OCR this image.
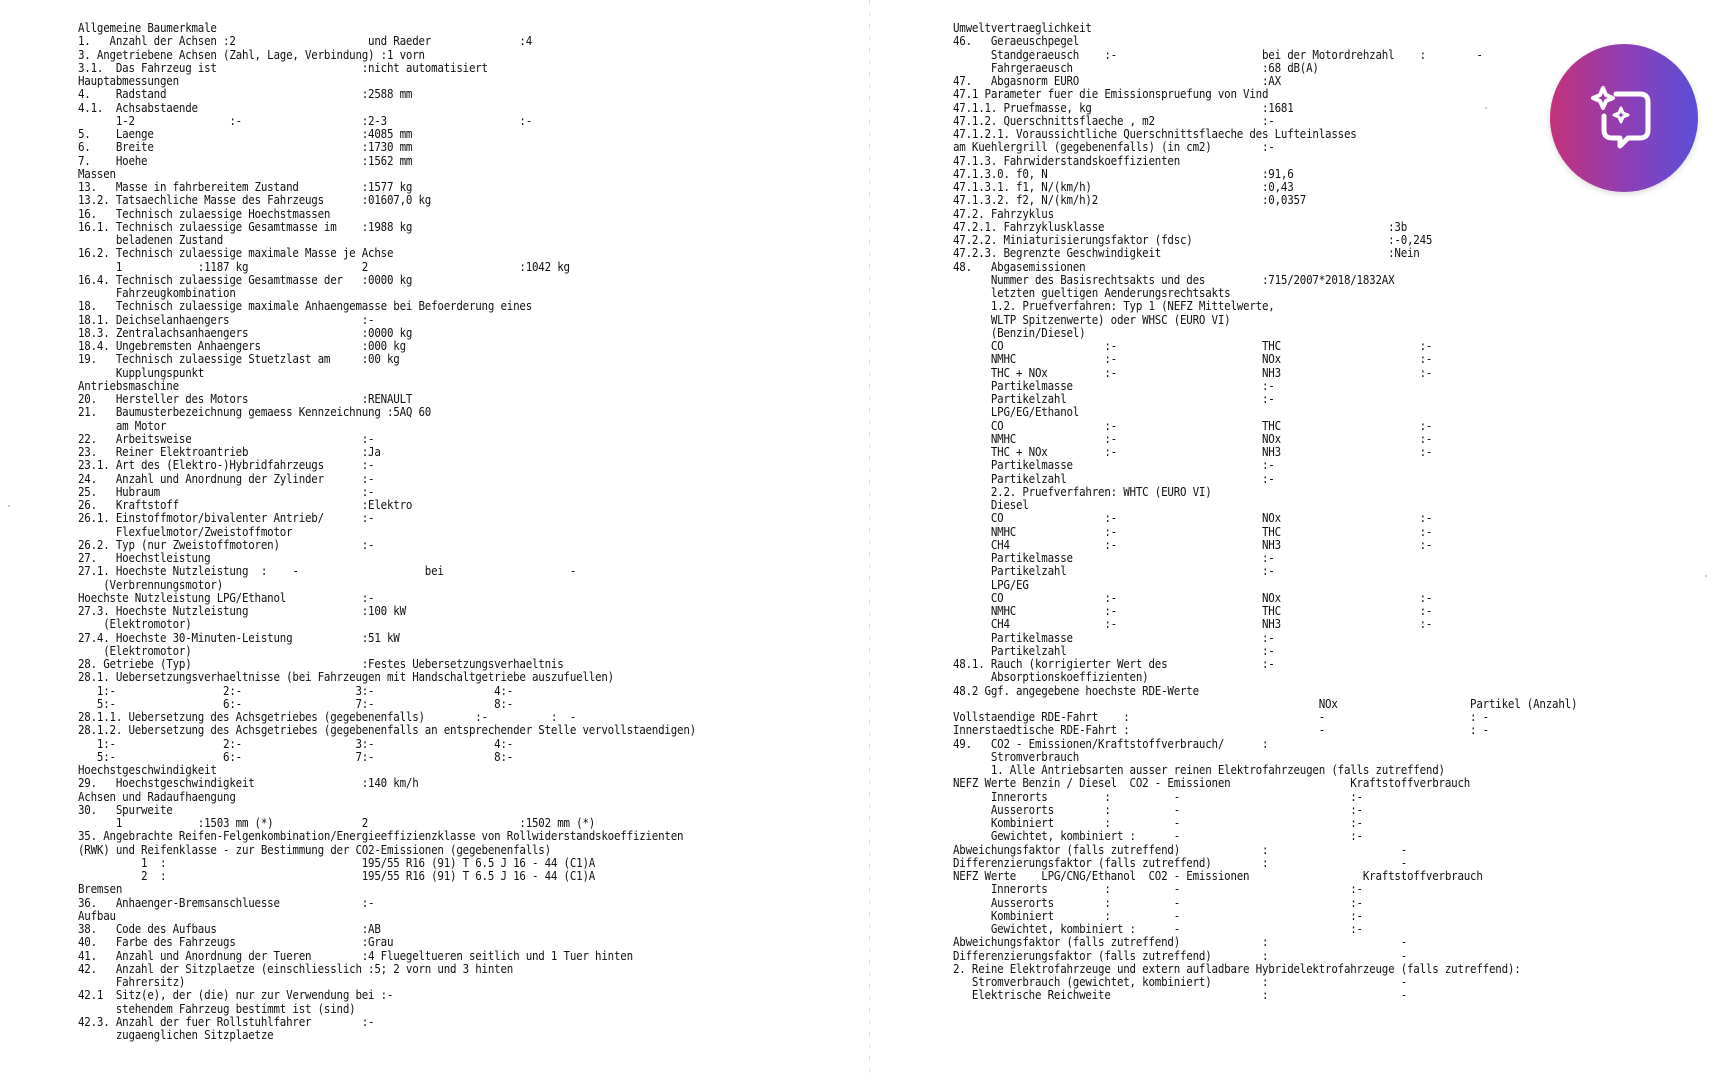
Allgemeine Baumerkmale
1.   Anzahl der Achsen :2                     und Raeder              :4
3. Angetriebene Achsen (Zahl, Lage, Verbindung) :1 vorn
3.1.  Das Fahrzeug ist                       :nicht automatisiert
Hauptabmessungen
4.    Radstand                               :2588 mm
4.1.  Achsabstaende
1-2               :-                   :2-3                     :-
5.    Laenge                                 :4085 mm
6.    Breite                                 :1730 mm
7.    Hoehe                                  :1562 mm
Massen
13.   Masse in fahrbereitem Zustand          :1577 kg
13.2. Tatsaechliche Masse des Fahrzeugs      :01607,0 kg
16.   Technisch zulaessige Hoechstmassen
16.1. Technisch zulaessige Gesamtmasse im    :1988 kg
beladenen Zustand
16.2. Technisch zulaessige maximale Masse je Achse
1            :1187 kg                  2                        :1042 kg
16.4. Technisch zulaessige Gesamtmasse der   :0000 kg
Fahrzeugkombination
18.   Technisch zulaessige maximale Anhaengemasse bei Befoerderung eines
18.1. Deichselanhaengers                     :-
18.3. Zentralachsanhaengers                  :0000 kg
18.4. Ungebremsten Anhaengers                :000 kg
19.   Technisch zulaessige Stuetzlast am     :00 kg
Kupplungspunkt
Antriebsmaschine
20.   Hersteller des Motors                  :RENAULT
21.   Baumusterbezeichnung gemaess Kennzeichnung :5AQ 60
am Motor
22.   Arbeitsweise                           :-
23.   Reiner Elektroantrieb                  :Ja
23.1. Art des (Elektro-)Hybridfahrzeugs      :-
24.   Anzahl und Anordnung der Zylinder      :-
25.   Hubraum                                :-
26.   Kraftstoff                             :Elektro
26.1. Einstoffmotor/bivalenter Antrieb/      :-
Flexfuelmotor/Zweistoffmotor
26.2. Typ (nur Zweistoffmotoren)             :-
27.   Hoechstleistung
27.1. Hoechste Nutzleistung  :    -                    bei                    -
(Verbrennungsmotor)
Hoechste Nutzleistung LPG/Ethanol            :-
27.3. Hoechste Nutzleistung                  :100 kW
(Elektromotor)
27.4. Hoechste 30-Minuten-Leistung           :51 kW
(Elektromotor)
28. Getriebe (Typ)                           :Festes Uebersetzungsverhaeltnis
28.1. Uebersetzungsverhaeltnisse (bei Fahrzeugen mit Handschaltgetriebe auszufuellen)
1:-                 2:-                  3:-                   4:-
5:-                 6:-                  7:-                   8:-
28.1.1. Uebersetzung des Achsgetriebes (gegebenenfalls)        :-          :  -
28.1.2. Uebersetzung des Achsgetriebes (gegebenenfalls an entsprechender Stelle vervollstaendigen)
1:-                 2:-                  3:-                   4:-
5:-                 6:-                  7:-                   8:-
Hoechstgeschwindigkeit
29.   Hoechstgeschwindigkeit                 :140 km/h
Achsen und Radaufhaengung
30.   Spurweite
1            :1503 mm (*)              2                        :1502 mm (*)
35. Angebrachte Reifen-Felgenkombination/Energieeffizienzklasse von Rollwiderstandskoeffizienten
(RWK) und Reifenklasse - zur Bestimmung der CO2-Emissionen (gegebenenfalls)
1  :                               195/55 R16 (91) T 6.5 J 16 - 44 (C1)A
2  :                               195/55 R16 (91) T 6.5 J 16 - 44 (C1)A
Bremsen
36.   Anhaenger-Bremsanschluesse             :-
Aufbau
38.   Code des Aufbaus                       :AB
40.   Farbe des Fahrzeugs                    :Grau
41.   Anzahl und Anordnung der Tueren        :4 Fluegeltueren seitlich und 1 Tuer hinten
42.   Anzahl der Sitzplaetze (einschliesslich :5; 2 vorn und 3 hinten
Fahrersitz)
42.1  Sitz(e), der (die) nur zur Verwendung bei :-
stehendem Fahrzeug bestimmt ist (sind)
42.3. Anzahl der fuer Rollstuhlfahrer        :-
zugaenglichen Sitzplaetze
Umweltvertraeglichkeit
46.   Geraeuschpegel
Standgeraeusch    :-                       bei der Motordrehzahl    :        -
Fahrgeraeusch                              :68 dB(A)
47.   Abgasnorm EURO                             :AX
47.1 Parameter fuer die Emissionspruefung von Vind
47.1.1. Pruefmasse, kg                           :1681
47.1.2. Querschnittsflaeche , m2                 :-
47.1.2.1. Voraussichtliche Querschnittsflaeche des Lufteinlasses
am Kuehlergrill (gegebenenfalls) (in cm2)        :-
47.1.3. Fahrwiderstandskoeffizienten
47.1.3.0. f0, N                                  :91,6
47.1.3.1. f1, N/(km/h)                           :0,43
47.1.3.2. f2, N/(km/h)2                          :0,0357
47.2. Fahrzyklus
47.2.1. Fahrzyklusklasse                                             :3b
47.2.2. Miniaturisierungsfaktor (fdsc)                               :-0,245
47.2.3. Begrenzte Geschwindigkeit                                    :Nein
48.   Abgasemissionen
Nummer des Basisrechtsakts und des         :715/2007*2018/1832AX
letzten gueltigen Aenderungsrechtsakts
1.2. Pruefverfahren: Typ 1 (NEFZ Mittelwerte,
WLTP Spitzenwerte) oder WHSC (EURO VI)
(Benzin/Diesel)
CO                :-                       THC                      :-
NMHC              :-                       NOx                      :-
THC + NOx         :-                       NH3                      :-
Partikelmasse                              :-
Partikelzahl                               :-
LPG/EG/Ethanol
CO                :-                       THC                      :-
NMHC              :-                       NOx                      :-
THC + NOx         :-                       NH3                      :-
Partikelmasse                              :-
Partikelzahl                               :-
2.2. Pruefverfahren: WHTC (EURO VI)
Diesel
CO                :-                       NOx                      :-
NMHC              :-                       THC                      :-
CH4               :-                       NH3                      :-
Partikelmasse                              :-
Partikelzahl                               :-
LPG/EG
CO                :-                       NOx                      :-
NMHC              :-                       THC                      :-
CH4               :-                       NH3                      :-
Partikelmasse                              :-
Partikelzahl                               :-
48.1. Rauch (korrigierter Wert des               :-
Absorptionskoeffizienten)
48.2 Ggf. angegebene hoechste RDE-Werte
NOx                     Partikel (Anzahl)
Vollstaendige RDE-Fahrt    :                              -                       : -
Innerstaedtische RDE-Fahrt :                              -                       : -
49.   CO2 - Emissionen/Kraftstoffverbrauch/      :
Stromverbrauch
1. Alle Antriebsarten ausser reinen Elektrofahrzeugen (falls zutreffend)
NEFZ Werte Benzin / Diesel  CO2 - Emissionen                   Kraftstoffverbrauch
Innerorts         :          -                           :-
Ausserorts        :          -                           :-
Kombiniert        :          -                           :-
Gewichtet, kombiniert :      -                           :-
Abweichungsfaktor (falls zutreffend)             :                     -
Differenzierungsfaktor (falls zutreffend)        :                     -
NEFZ Werte    LPG/CNG/Ethanol  CO2 - Emissionen                  Kraftstoffverbrauch
Innerorts         :          -                           :-
Ausserorts        :          -                           :-
Kombiniert        :          -                           :-
Gewichtet, kombiniert :      -                           :-
Abweichungsfaktor (falls zutreffend)             :                     -
Differenzierungsfaktor (falls zutreffend)        :                     -
2. Reine Elektrofahrzeuge und extern aufladbare Hybridelektrofahrzeuge (falls zutreffend):
Stromverbrauch (gewichtet, kombiniert)        :                     -
Elektrische Reichweite                        :                     -
